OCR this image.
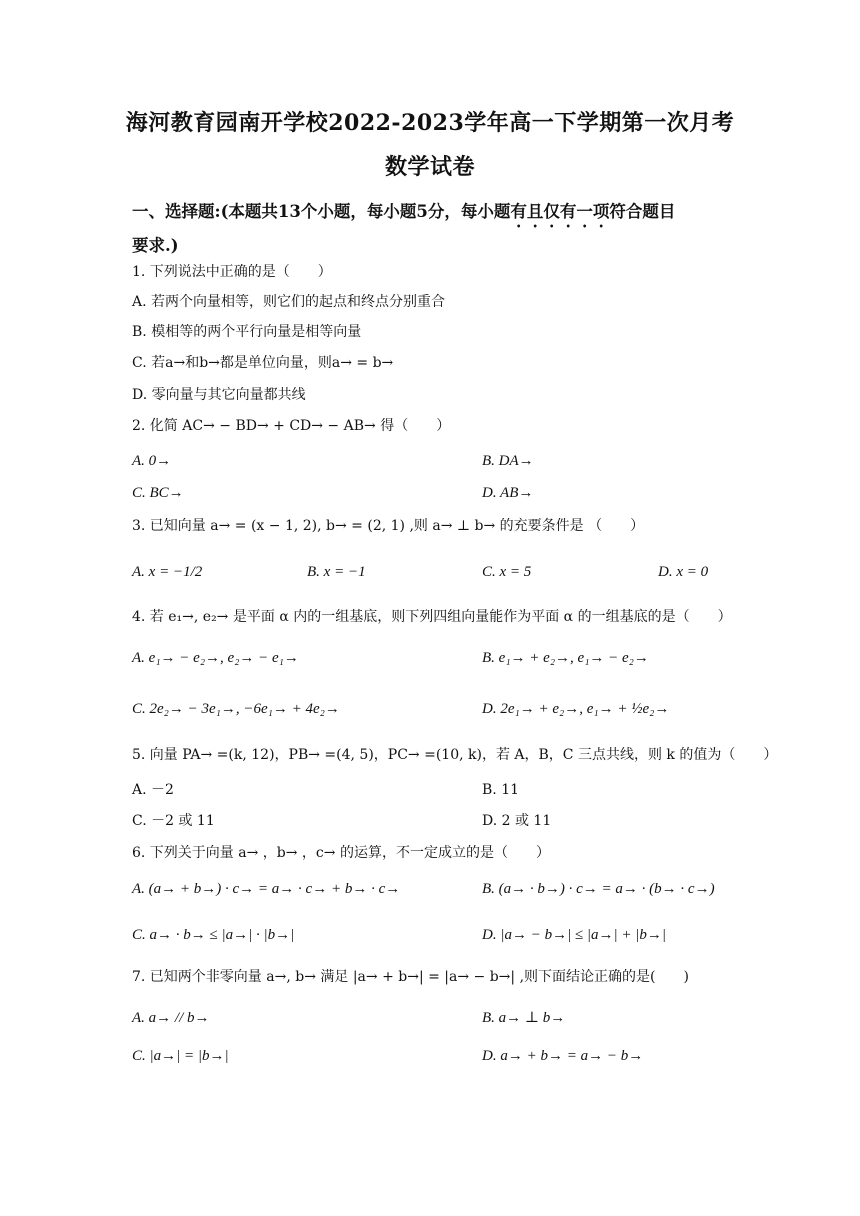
海河教育园南开学校2022-2023学年高一下学期第一次月考
数学试卷
一、选择题:(本题共13个小题，每小题5分，每小题有且仅有一项符合题目
要求.)
1. 下列说法中正确的是（　　）
A. 若两个向量相等，则它们的起点和终点分别重合
B. 模相等的两个平行向量是相等向量
C. 若a→和b→都是单位向量，则a→ = b→
D. 零向量与其它向量都共线
2. 化简 AC→ − BD→ + CD→ − AB→ 得（　　）
A. 0→	B. DA→
C. BC→	D. AB→
3. 已知向量 a→ = (x − 1, 2), b→ = (2, 1) ,则 a→ ⊥ b→ 的充要条件是 （　　）
A. x = −1/2	B. x = −1	C. x = 5	D. x = 0
4. 若 e₁→, e₂→ 是平面 α 内的一组基底，则下列四组向量能作为平面 α 的一组基底的是（　　）
A. e₁→ − e₂→, e₂→ − e₁→	B. e₁→ + e₂→, e₁→ − e₂→
C. 2e₂→ − 3e₁→, −6e₁→ + 4e₂→	D. 2e₁→ + e₂→, e₁→ + ½e₂→
5. 向量 PA→ =(k, 12)，PB→ =(4, 5)，PC→ =(10, k)，若 A，B，C 三点共线，则 k 的值为（　　）
A. －2	B. 11
C. －2 或 11	D. 2 或 11
6. 下列关于向量 a→ ，b→ ，c→ 的运算，不一定成立的是（　　）
A. (a→ + b→) · c→ = a→ · c→ + b→ · c→	B. (a→ · b→) · c→ = a→ · (b→ · c→)
C. a→ · b→ ≤ |a→| · |b→|	D. |a→ − b→| ≤ |a→| + |b→|
7. 已知两个非零向量 a→, b→ 满足 |a→ + b→| = |a→ − b→| ,则下面结论正确的是(　　)
A. a→ // b→	B. a→ ⊥ b→
C. |a→| = |b→|	D. a→ + b→ = a→ − b→
